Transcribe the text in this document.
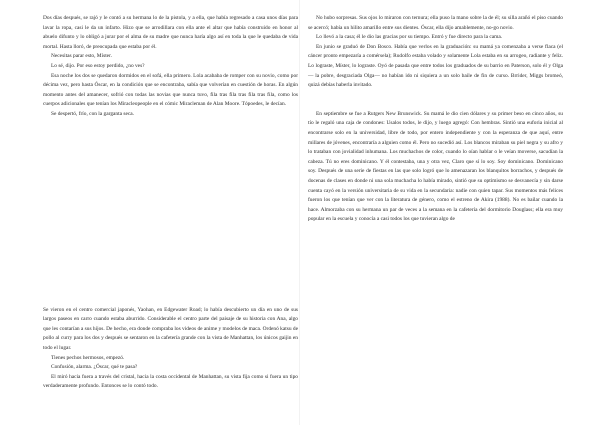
Dos días después, se rajó y le contó a su hermana lo de la pistola, y a ella, que había regresado a casa unos días para lavar la ropa, casi le da un infarto. Hizo que se arrodillara con ella ante el altar que había construido en honor al abuelo difunto y lo obligó a jurar por el alma de su madre que nunca haría algo así en toda la que le quedaba de vida mortal. Hasta lloró, de preocupada que estaba por él.

Necesitas parar esto, Míster.

Lo sé, dijo. Por eso estoy perdido, ¿no ves?

Esa noche los dos se quedaron dormidos en el sofá, ella primero. Lola acababa de romper con su novio, como por décima vez, pero hasta Óscar, en la condición que se encontraba, sabía que volverían en cuestión de horas. En algún momento antes del amanecer, sofrió con todas las novias que nunca tuvo, fila tras fila tras fila tras fila, como los cuerpos adicionales que tenían los Miracleopeople en el cómic Miracleman de Alan Moore. Tópoedes, le decían.

Se despertó, frío, con la garganta seca.

Se vieron en el centro comercial japonés, Yaohan, en Edgewater Road; lo había descubierto un día en uno de sus largos paseos en carro cuando estaba aburrido. Considerable el centro parte del paisaje de su historia con Ana, algo que les contarían a sus hijos. De hecho, era donde compraba los videos de anime y modelos de maca. Ordenó katsu de pollo al curry para los dos y después se sentaron en la cafetería grande con la vista de Manhattan, los únicos gaijin en todo el lugar.

Tienes pechos hermosos, empezó.

Confusión, alarma. ¿Óscar, qué te pasa?

El miró hacia fuera a través del cristal, hacia la costa occidental de Manhattan, su vista fija como si fuera un tipo verdaderamente profundo. Entonces se lo contó todo.

No hubo sorpresas. Sus ojos lo miraron con ternura; ella puso la mano sobre la de él; su silla arañó el piso cuando se acercó; había un hilito amarillo entre sus dientes. Óscar, ella dijo amablemente, no-go novio.

Lo llevó a la casa; él le dio las gracias por su tiempo. Entró y fue directo para la cama.

En junio se graduó de Don Bosco. Había que verlos en la graduación: su mamá ya comenzaba a verse flaca (el cáncer pronto empezaría a comérsela); Rudolfo estaba volado y solamente Lola estaba en su arrogeo, radiante y feliz. Lo lograste, Míster, lo lograste. Oyó de pasada que entre todos los graduados de su barrio en Paterson, solo él y Olga — la pobre, desgraciada Olga— no habían ido ni siquiera a un solo baile de fin de curso. Brrider, Miggs bromeó, quizá debías haberla invitado.

En septiembre se fue a Rutgers New Brunswick. Su mamá le dio cien dólares y su primer beso en cinco años, su tío le regaló una caja de condones: Usalos todos, le dijo, y luego agregó: Con hembras. Sintió una euforia inicial al encontrarse solo en la universidad, libre de todo, por entero independiente y con la esperanza de que aquí, entre millares de jóvenes, encontraría a alguien como él. Pero no sucedió así. Los blancos miraban su piel negra y su afro y lo trataban con jovialidad inhumana. Los muchachos de color, cuando lo oían hablar o le veían moverse, sacudían la cabeza. Tú no eres dominicano. Y él contestaba, una y otra vez, Claro que sí lo soy. Soy dominicano. Dominicano soy. Después de una serie de fiestas en las que solo logró que lo amenazaran los blanquitos borrachos, y después de docenas de clases en donde ni una sola muchacha lo había mirado, sintió que su optimismo se desvanecía y sin darse cuenta cayó en la versión universitaria de su vida en la secundaria: nadie con quien tapar. Sus momentos más felices fueron los que tenían que ver con la literatura de género, como el estreno de Akira (1988). No es bailar cuando la hace. Almorzaba con su hermana un par de veces a la semana en la cafetería del dormitorio Douglass; ella era muy popular en la escuela y conocía a casi todos los que tuvieran algo de
